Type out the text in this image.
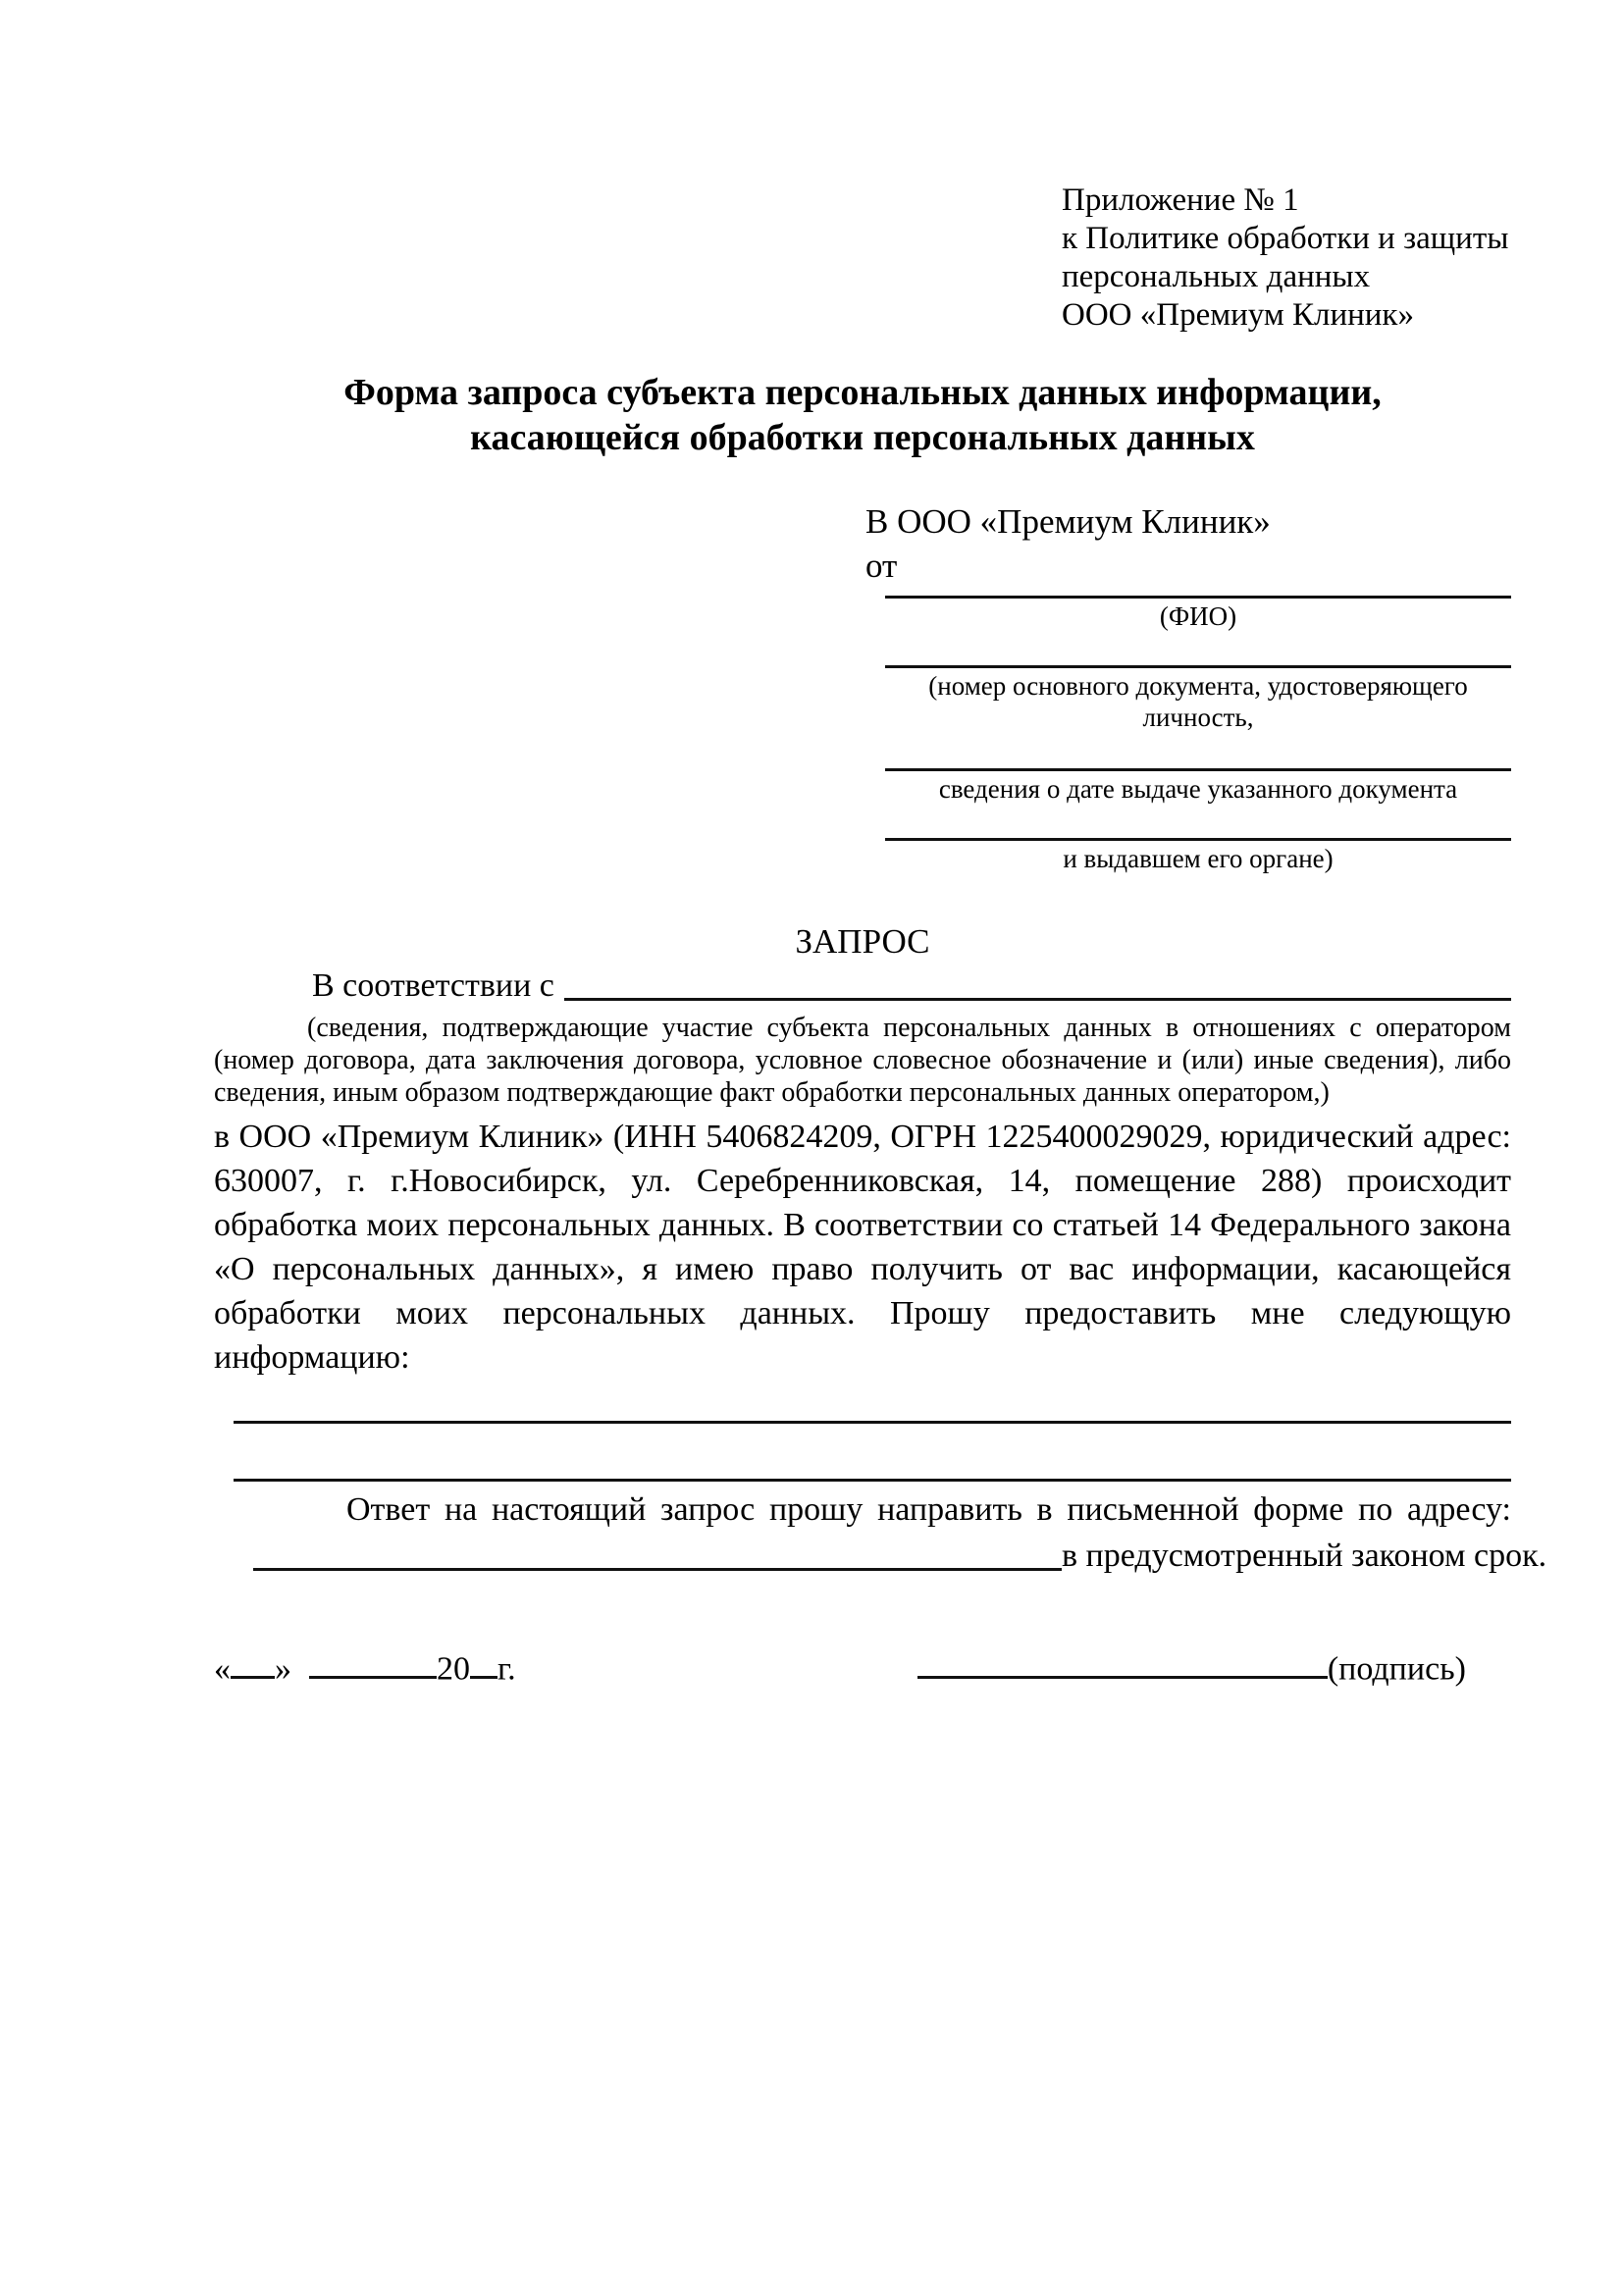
Приложение № 1
к Политике обработки и защиты
персональных данных
ООО «Премиум Клиник»
Форма запроса субъекта персональных данных информации,
касающейся обработки персональных данных
В ООО «Премиум Клиник»
от
(ФИО)
(номер основного документа, удостоверяющего личность,
сведения о дате выдаче указанного документа
и выдавшем его органе)
ЗАПРОС
В соответствии с

(сведения, подтверждающие участие субъекта персональных данных в отношениях с оператором (номер договора, дата заключения договора, условное словесное обозначение и (или) иные сведения), либо сведения, иным образом подтверждающие факт обработки персональных данных оператором,)

в ООО «Премиум Клиник» (ИНН 5406824209, ОГРН 1225400029029, юридический адрес: 630007, г. г.Новосибирск, ул. Серебренниковская, 14, помещение 288) происходит обработка моих персональных данных. В соответствии со статьей 14 Федерального закона «О персональных данных», я имею право получить от вас информации, касающейся обработки моих персональных данных. Прошу предоставить мне следующую информацию:

Ответ на настоящий запрос прошу направить в письменной форме по адресу:

в предусмотренный законом срок.
« »	20 г.	(подпись)
